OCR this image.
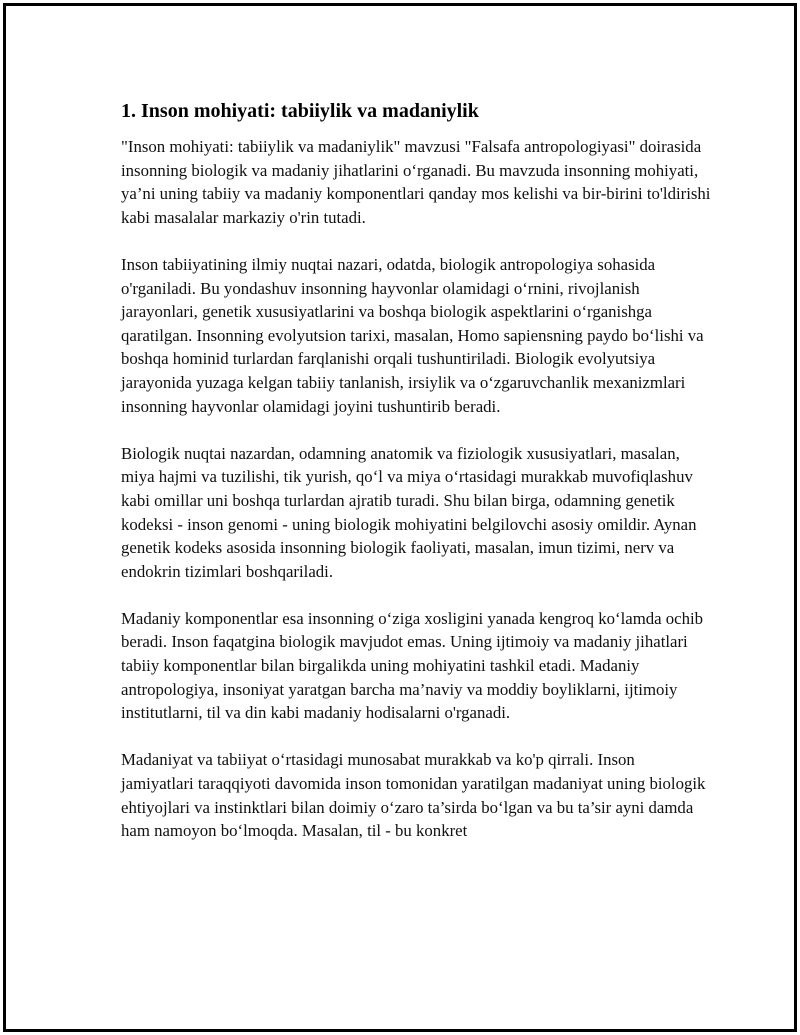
1. Inson mohiyati: tabiiylik va madaniylik

"Inson mohiyati: tabiiylik va madaniylik" mavzusi "Falsafa antropologiyasi" doirasida insonning biologik va madaniy jihatlarini o‘rganadi. Bu mavzuda insonning mohiyati, ya’ni uning tabiiy va madaniy komponentlari qanday mos kelishi va bir-birini to'ldirishi kabi masalalar markaziy o'rin tutadi.

Inson tabiiyatining ilmiy nuqtai nazari, odatda, biologik antropologiya sohasida o'rganiladi. Bu yondashuv insonning hayvonlar olamidagi o‘rnini, rivojlanish jarayonlari, genetik xususiyatlarini va boshqa biologik aspektlarini o‘rganishga qaratilgan. Insonning evolyutsion tarixi, masalan, Homo sapiensning paydo bo‘lishi va boshqa hominid turlardan farqlanishi orqali tushuntiriladi. Biologik evolyutsiya jarayonida yuzaga kelgan tabiiy tanlanish, irsiylik va o‘zgaruvchanlik mexanizmlari insonning hayvonlar olamidagi joyini tushuntirib beradi.

Biologik nuqtai nazardan, odamning anatomik va fiziologik xususiyatlari, masalan, miya hajmi va tuzilishi, tik yurish, qo‘l va miya o‘rtasidagi murakkab muvofiqlashuv kabi omillar uni boshqa turlardan ajratib turadi. Shu bilan birga, odamning genetik kodeksi - inson genomi - uning biologik mohiyatini belgilovchi asosiy omildir. Aynan genetik kodeks asosida insonning biologik faoliyati, masalan, imun tizimi, nerv va endokrin tizimlari boshqariladi.

Madaniy komponentlar esa insonning o‘ziga xosligini yanada kengroq ko‘lamda ochib beradi. Inson faqatgina biologik mavjudot emas. Uning ijtimoiy va madaniy jihatlari tabiiy komponentlar bilan birgalikda uning mohiyatini tashkil etadi. Madaniy antropologiya, insoniyat yaratgan barcha ma’naviy va moddiy boyliklarni, ijtimoiy institutlarni, til va din kabi madaniy hodisalarni o'rganadi.

Madaniyat va tabiiyat o‘rtasidagi munosabat murakkab va ko'p qirrali. Inson jamiyatlari taraqqiyoti davomida inson tomonidan yaratilgan madaniyat uning biologik ehtiyojlari va instinktlari bilan doimiy o‘zaro ta’sirda bo‘lgan va bu ta’sir ayni damda ham namoyon bo‘lmoqda. Masalan, til - bu konkret
